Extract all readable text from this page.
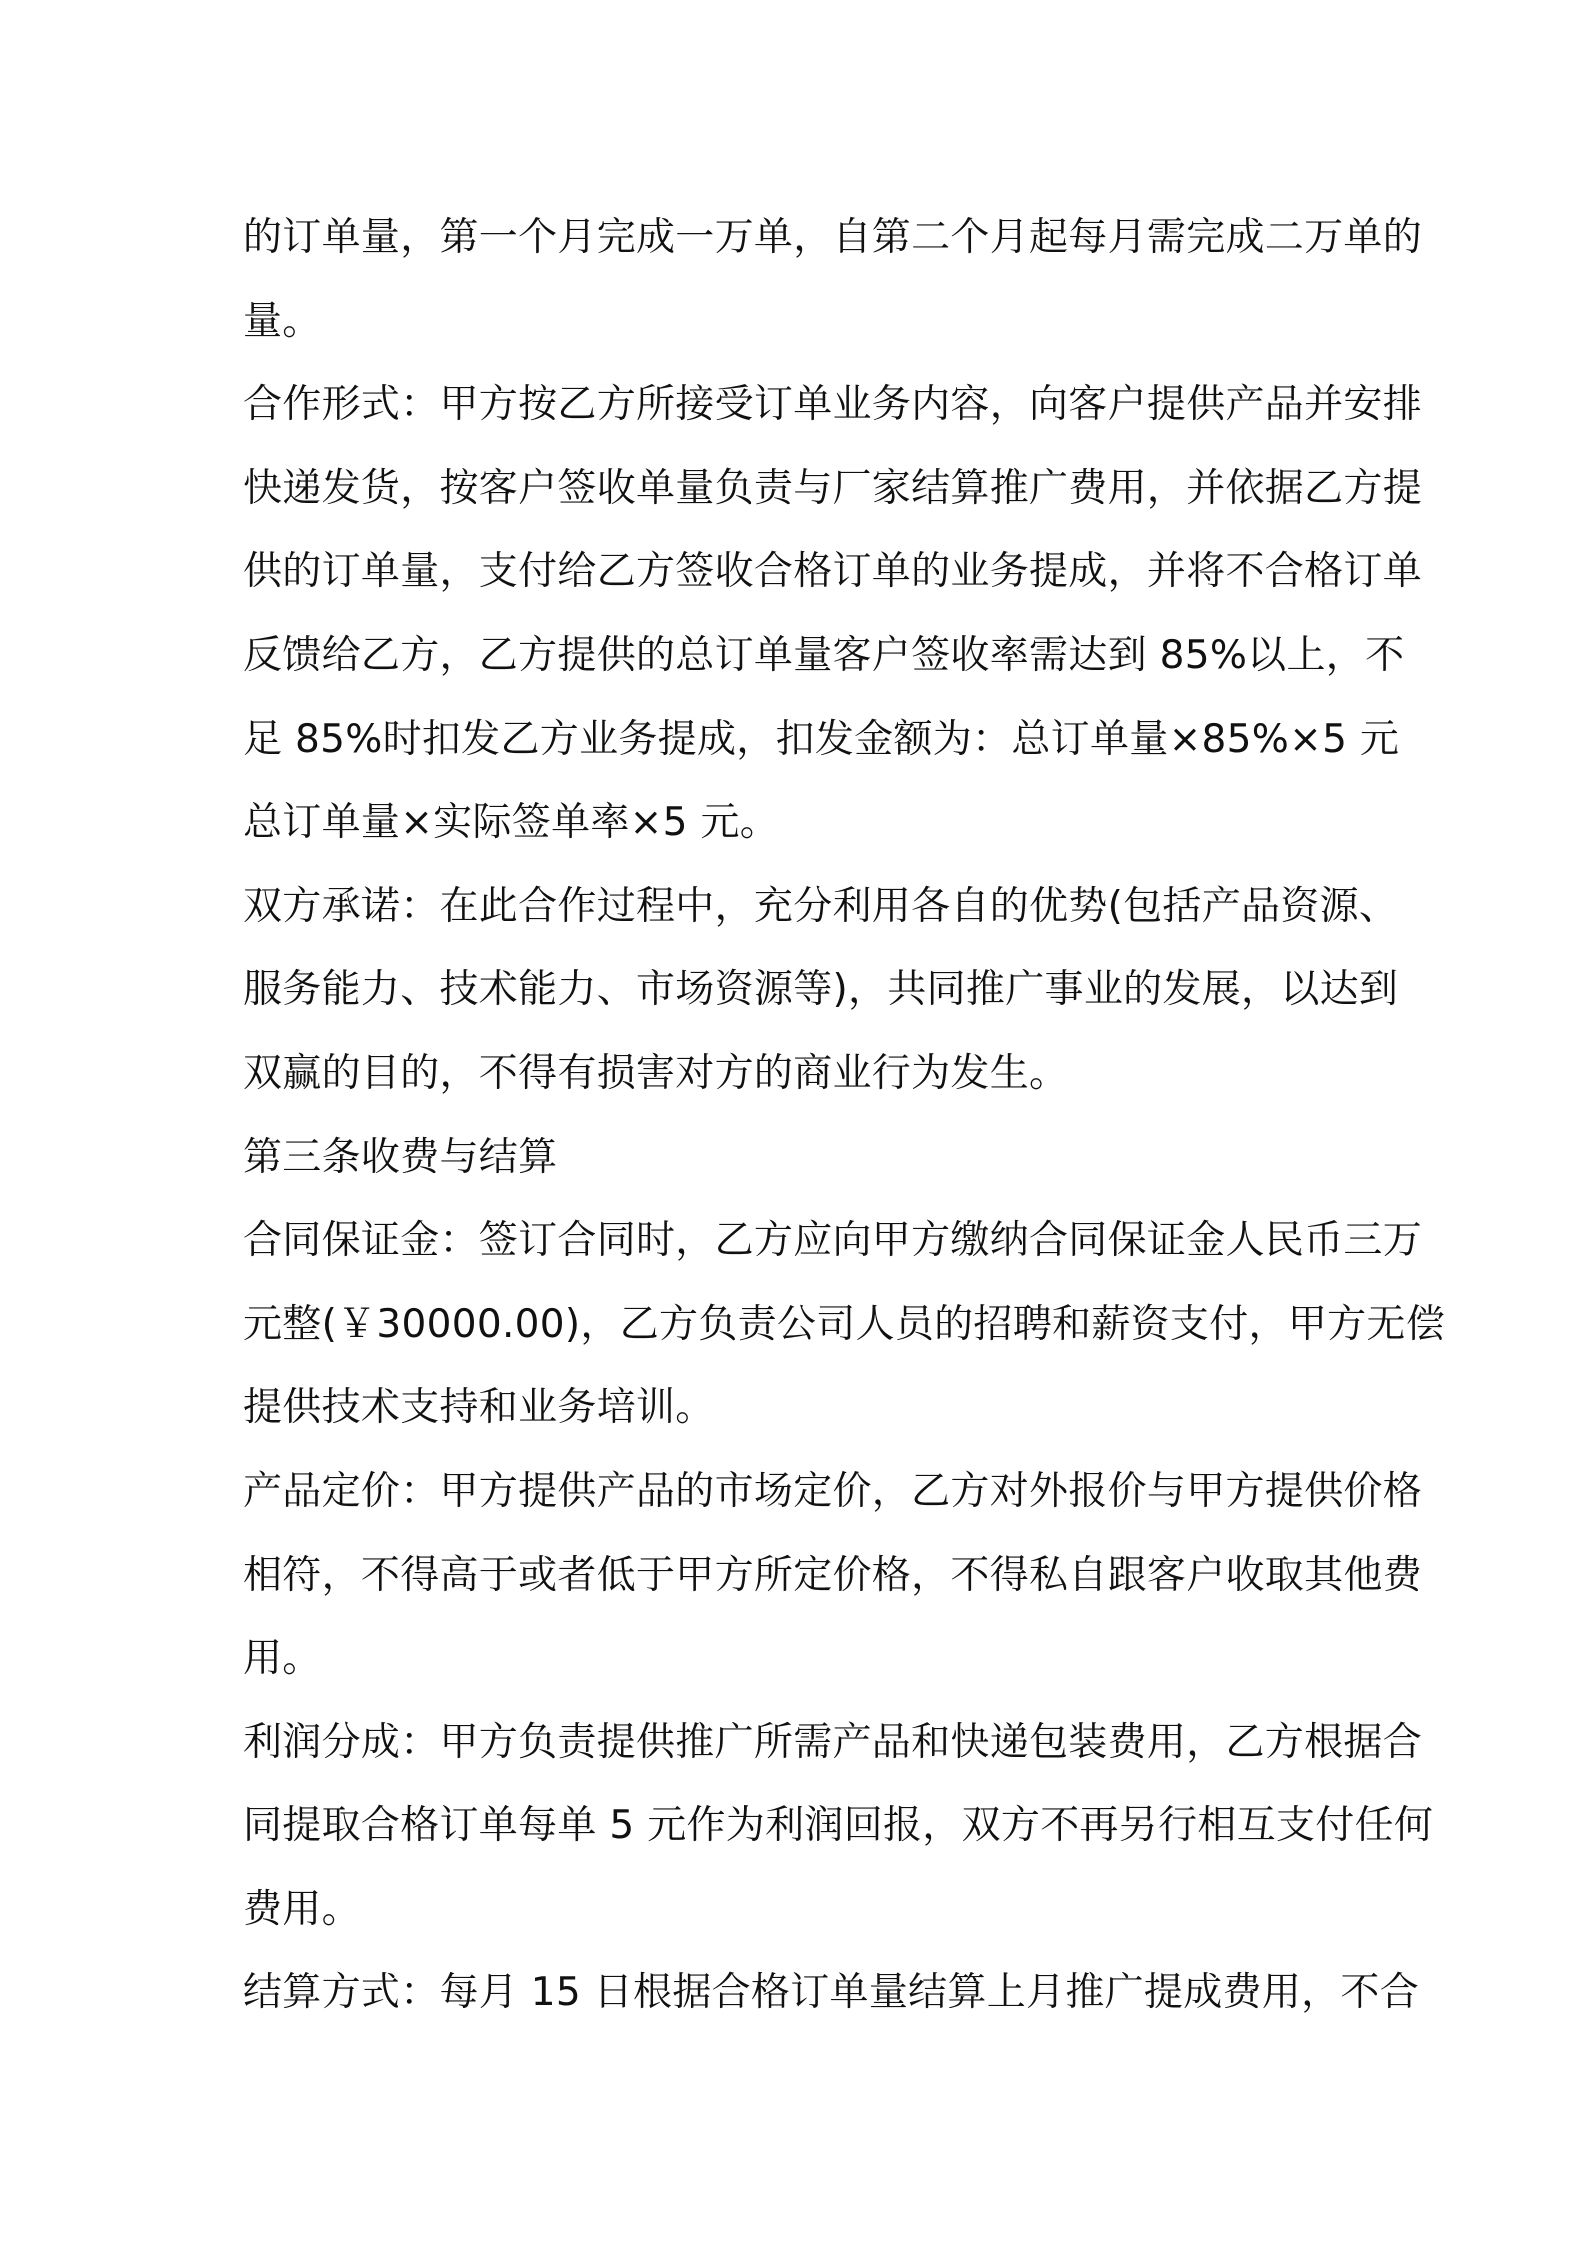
的订单量，第一个月完成一万单，自第二个月起每月需完成二万单的
量。
合作形式：甲方按乙方所接受订单业务内容，向客户提供产品并安排
快递发货，按客户签收单量负责与厂家结算推广费用，并依据乙方提
供的订单量，支付给乙方签收合格订单的业务提成，并将不合格订单
反馈给乙方，乙方提供的总订单量客户签收率需达到 85%以上，不
足 85%时扣发乙方业务提成，扣发金额为：总订单量×85%×5 元
总订单量×实际签单率×5 元。
双方承诺：在此合作过程中，充分利用各自的优势(包括产品资源、
服务能力、技术能力、市场资源等)，共同推广事业的发展，以达到
双赢的目的，不得有损害对方的商业行为发生。
第三条收费与结算
合同保证金：签订合同时，乙方应向甲方缴纳合同保证金人民币三万
元整(￥30000.00)，乙方负责公司人员的招聘和薪资支付，甲方无偿
提供技术支持和业务培训。
产品定价：甲方提供产品的市场定价，乙方对外报价与甲方提供价格
相符，不得高于或者低于甲方所定价格，不得私自跟客户收取其他费
用。
利润分成：甲方负责提供推广所需产品和快递包装费用，乙方根据合
同提取合格订单每单 5 元作为利润回报，双方不再另行相互支付任何
费用。
结算方式：每月 15 日根据合格订单量结算上月推广提成费用，不合
